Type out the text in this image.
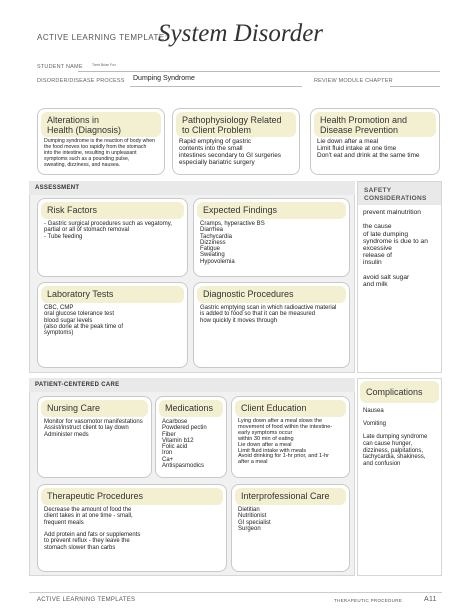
ACTIVE LEARNING TEMPLATE:
System Disorder
STUDENT NAME	Trent Brian Fox
DISORDER/DISEASE PROCESS Dumping Syndrome	REVIEW MODULE CHAPTER
Alterations in
Health (Diagnosis)
Dumping syndrome is the reaction of body when
the food moves too rapidly from the stomach
into the intestine, resulting in unpleasant
symptoms such as a pounding pulse,
sweating, dizziness, and nausea.
Pathophysiology Related
to Client Problem
Rapid emptying of gastric
contents into the small
intestines secondary to GI surgeries
especially bariatric surgery
Health Promotion and
Disease Prevention
Lie down after a meal
Limit fluid intake at one time
Don't eat and drink at the same time
ASSESSMENT
Risk Factors
- Gastric surgical procedures such as vegatomy,
partial or all of stomach removal
- Tube feeding
Expected Findings
Cramps, hyperactive BS
Diarrhea
Tachycardia
Dizziness
Fatigue
Sweating
Hypovolemia
Laboratory Tests
CBC, CMP
oral glucose tolerance test
blood sugar levels
(also done at the peak time of
symptoms)
Diagnostic Procedures
Gastric emptying scan in which radioactive material
is added to food so that it can be measured
how quickly it moves through
SAFETY
CONSIDERATIONS
prevent malnutrition

the cause
of late dumping
syndrome is due to an
excessive
release of
insulin

avoid salt sugar
and milk
PATIENT-CENTERED CARE
Nursing Care
Monitor for vasomotor manifestations
Assist/instruct client to lay down
Administer meds
Medications
Acarbose
Powdered pectin
Fiber
Vitamin b12
Folic acid
Iron
Ca+
Antispasmodics
Client Education
Lying down after a meal slows the
movement of food within the intestine-
early symptoms occur
within 30 min of eating
Lie down after a meal
Limit fluid intake with meals
Avoid drinking for 1-hr prior, and 1-hr
after a meal
Therapeutic Procedures
Decrease the amount of food the
client takes in at one time - small,
frequent meals

Add protein and fats or supplements
to prevent reflux - they leave the
stomach slower than carbs
Interprofessional Care
Dietitian
Nutritionist
GI specialist
Surgeon
Complications
Nausea

Vomiting

Late dumping syndrome
can cause hunger,
dizziness, palpitations,
tachycardia, shakiness,
and confusion
ACTIVE LEARNING TEMPLATES	THERAPEUTIC PROCEDURE	A11
